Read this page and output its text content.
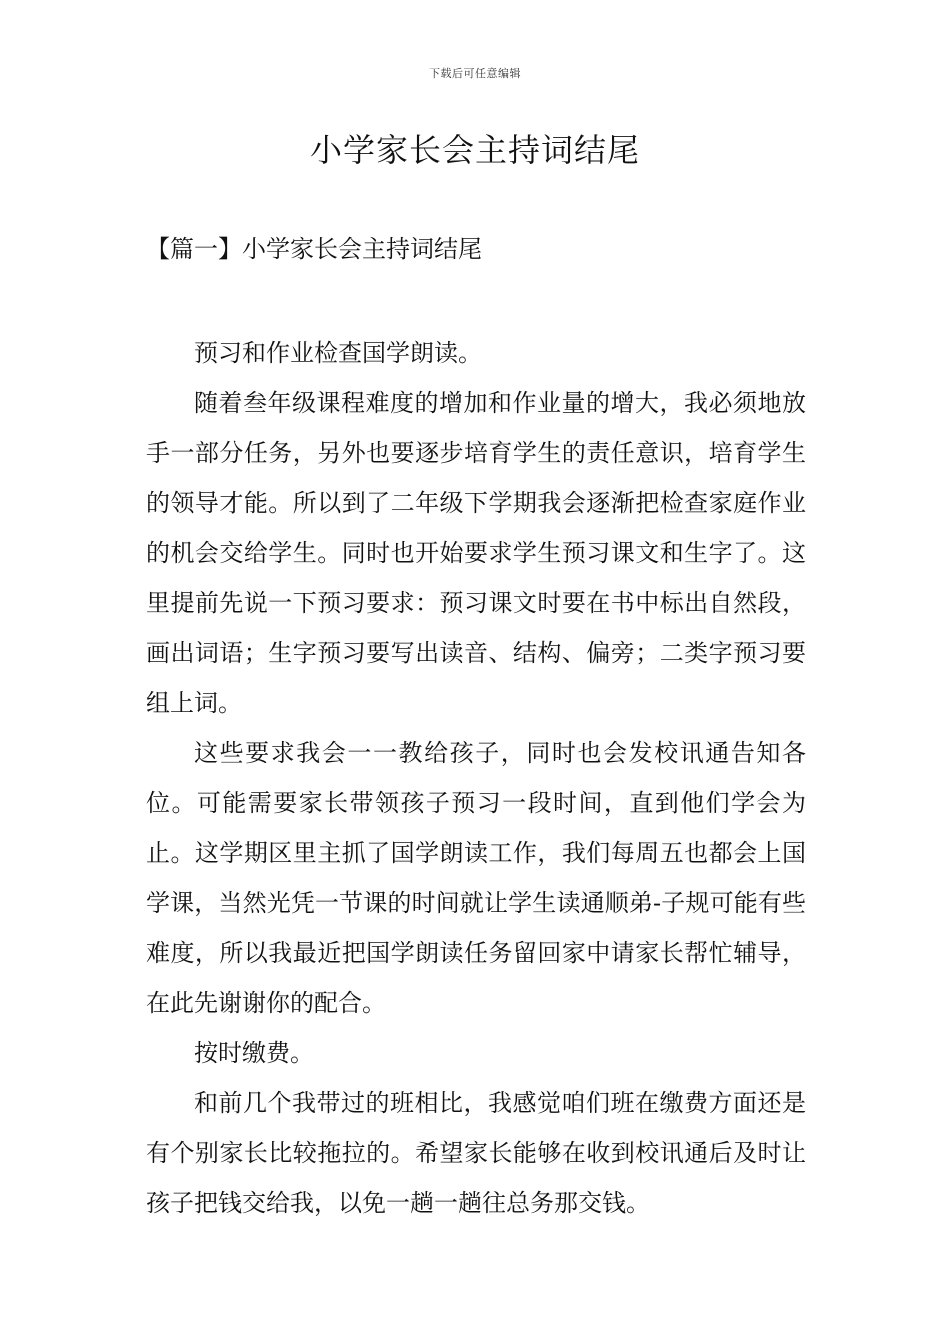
下载后可任意编辑
小学家长会主持词结尾
【篇一】小学家长会主持词结尾

预习和作业检查国学朗读。

随着叁年级课程难度的增加和作业量的增大，我必须地放手一部分任务，另外也要逐步培育学生的责任意识，培育学生的领导才能。所以到了二年级下学期我会逐渐把检查家庭作业的机会交给学生。同时也开始要求学生预习课文和生字了。这里提前先说一下预习要求：预习课文时要在书中标出自然段，画出词语；生字预习要写出读音、结构、偏旁；二类字预习要组上词。

这些要求我会一一教给孩子，同时也会发校讯通告知各位。可能需要家长带领孩子预习一段时间，直到他们学会为止。这学期区里主抓了国学朗读工作，我们每周五也都会上国学课，当然光凭一节课的时间就让学生读通顺弟-子规可能有些难度，所以我最近把国学朗读任务留回家中请家长帮忙辅导，在此先谢谢你的配合。

按时缴费。

和前几个我带过的班相比，我感觉咱们班在缴费方面还是有个别家长比较拖拉的。希望家长能够在收到校讯通后及时让孩子把钱交给我，以免一趟一趟往总务那交钱。
